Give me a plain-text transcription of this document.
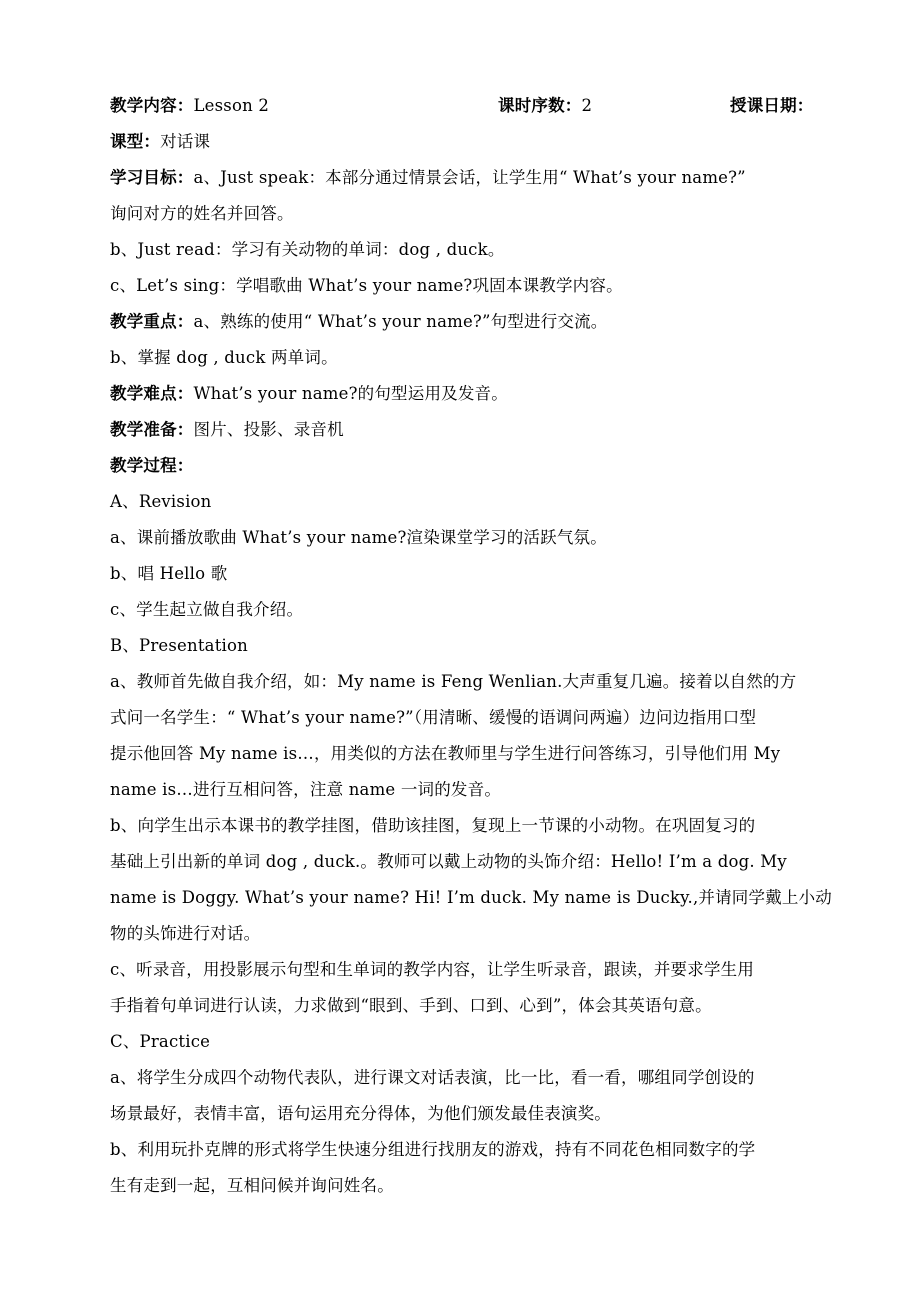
教学内容：Lesson 2	课时序数：2	授课日期：
课型：对话课
学习目标：a、Just speak：本部分通过情景会话，让学生用“ What’s your name?”
询问对方的姓名并回答。
b、Just read：学习有关动物的单词：dog , duck。
c、Let’s sing：学唱歌曲 What’s your name?巩固本课教学内容。
教学重点：a、熟练的使用“ What’s your name?”句型进行交流。
b、掌握 dog , duck 两单词。
教学难点：What’s your name?的句型运用及发音。
教学准备：图片、投影、录音机
教学过程：
A、Revision
a、课前播放歌曲 What’s your name?渲染课堂学习的活跃气氛。
b、唱 Hello 歌
c、学生起立做自我介绍。
B、Presentation
a、教师首先做自我介绍，如：My name is Feng Wenlian.大声重复几遍。接着以自然的方
式问一名学生：“ What’s your name?”（用清晰、缓慢的语调问两遍）边问边指用口型
提示他回答 My name is…，用类似的方法在教师里与学生进行问答练习，引导他们用 My
name is…进行互相问答，注意 name 一词的发音。
b、向学生出示本课书的教学挂图，借助该挂图，复现上一节课的小动物。在巩固复习的
基础上引出新的单词 dog , duck.。教师可以戴上动物的头饰介绍：Hello! I’m a dog. My
name is Doggy. What’s your name? Hi! I’m duck. My name is Ducky.,并请同学戴上小动
物的头饰进行对话。
c、听录音，用投影展示句型和生单词的教学内容，让学生听录音，跟读，并要求学生用
手指着句单词进行认读，力求做到“眼到、手到、口到、心到”，体会其英语句意。
C、Practice
a、将学生分成四个动物代表队，进行课文对话表演，比一比，看一看，哪组同学创设的
场景最好，表情丰富，语句运用充分得体，为他们颁发最佳表演奖。
b、利用玩扑克牌的形式将学生快速分组进行找朋友的游戏，持有不同花色相同数字的学
生有走到一起，互相问候并询问姓名。
